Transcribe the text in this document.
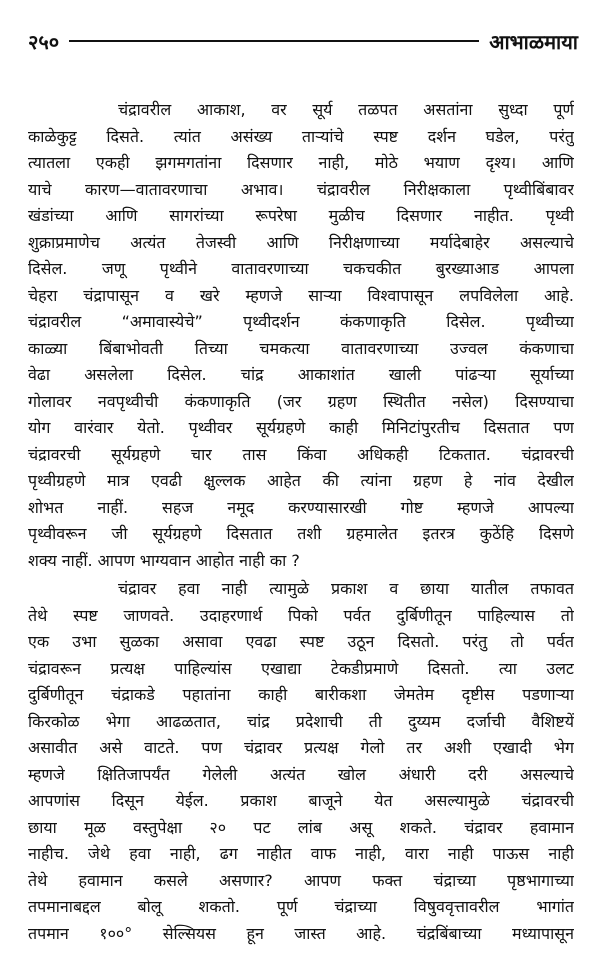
२५०	आभाळमाया
चंद्रावरील आकाश, वर सूर्य तळपत असतांना सुध्दा पूर्ण
काळेकुट्ट दिसते. त्यांत असंख्य ताऱ्यांचे स्पष्ट दर्शन घडेल, परंतु
त्यातला एकही झगमगतांना दिसणार नाही, मोठे भयाण दृश्य। आणि
याचे कारण—वातावरणाचा अभाव। चंद्रावरील निरीक्षकाला पृथ्वीबिंबावर
खंडांच्या आणि सागरांच्या रूपरेषा मुळीच दिसणार नाहीत. पृथ्वी
शुक्राप्रमाणेच अत्यंत तेजस्वी आणि निरीक्षणाच्या मर्यादेबाहेर असल्याचे
दिसेल. जणू पृथ्वीने वातावरणाच्या चकचकीत बुरख्याआड आपला
चेहरा चंद्रापासून व खरे म्हणजे साऱ्या विश्वापासून लपविलेला आहे.
चंद्रावरील “अमावास्येचे” पृथ्वीदर्शन कंकणाकृति दिसेल. पृथ्वीच्या
काळ्या बिंबाभोवती तिच्या चमकत्या वातावरणाच्या उज्वल कंकणाचा
वेढा असलेला दिसेल. चांद्र आकाशांत खाली पांढऱ्या सूर्याच्या
गोलावर नवपृथ्वीची कंकणाकृति (जर ग्रहण स्थितीत नसेल) दिसण्याचा
योग वारंवार येतो. पृथ्वीवर सूर्यग्रहणे काही मिनिटांपुरतीच दिसतात पण
चंद्रावरची सूर्यग्रहणे चार तास किंवा अधिकही टिकतात. चंद्रावरची
पृथ्वीग्रहणे मात्र एवढी क्षुल्लक आहेत की त्यांना ग्रहण हे नांव देखील
शोभत नाहीं. सहज नमूद करण्यासारखी गोष्ट म्हणजे आपल्या
पृथ्वीवरून जी सूर्यग्रहणे दिसतात तशी ग्रहमालेत इतरत्र कुठेंहि दिसणे
शक्य नाहीं. आपण भाग्यवान आहोत नाही का ?
चंद्रावर हवा नाही त्यामुळे प्रकाश व छाया यातील तफावत
तेथे स्पष्ट जाणवते. उदाहरणार्थ पिको पर्वत दुर्बिणीतून पाहिल्यास तो
एक उभा सुळका असावा एवढा स्पष्ट उठून दिसतो. परंतु तो पर्वत
चंद्रावरून प्रत्यक्ष पाहिल्यांस एखाद्या टेकडीप्रमाणे दिसतो. त्या उलट
दुर्बिणीतून चंद्राकडे पहातांना काही बारीकशा जेमतेम दृष्टीस पडणाऱ्या
किरकोळ भेगा आढळतात, चांद्र प्रदेशाची ती दुय्यम दर्जाची वैशिष्टयें
असावीत असे वाटते. पण चंद्रावर प्रत्यक्ष गेलो तर अशी एखादी भेग
म्हणजे क्षितिजापर्यंत गेलेली अत्यंत खोल अंधारी दरी असल्याचे
आपणांस दिसून येईल. प्रकाश बाजूने येत असल्यामुळे चंद्रावरची
छाया मूळ वस्तुपेक्षा २० पट लांब असू शकते. चंद्रावर हवामान
नाहीच. जेथे हवा नाही, ढग नाहीत वाफ नाही, वारा नाही पाऊस नाही
तेथे हवामान कसले असणार? आपण फक्त चंद्राच्या पृष्ठभागाच्या
तपमानाबद्दल बोलू शकतो. पूर्ण चंद्राच्या विषुववृत्तावरील भागांत
तपमान १००° सेल्सियस हून जास्त आहे. चंद्रबिंबाच्या मध्यापासून
